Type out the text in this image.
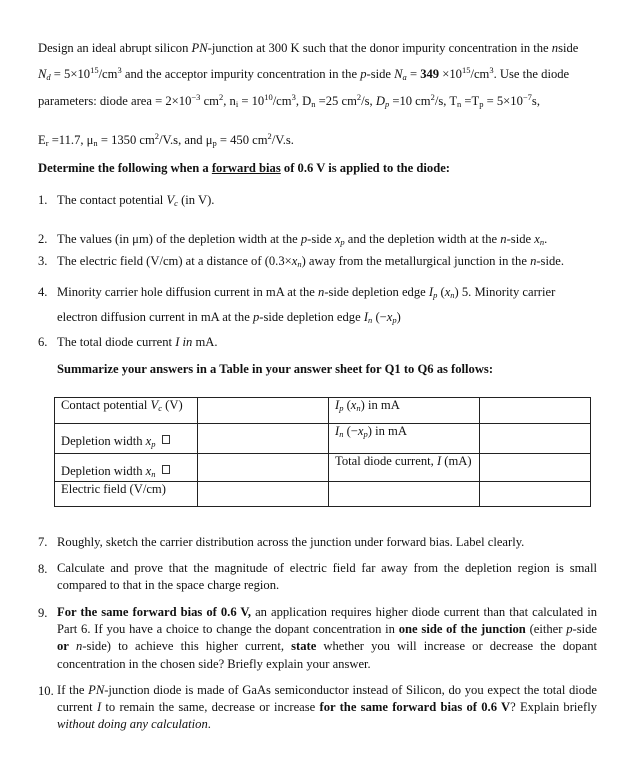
Design an ideal abrupt silicon PN-junction at 300 K such that the donor impurity concentration in the nside
$N_d = 5\times 10^{15}/cm^3$ and the acceptor impurity concentration in the p-side $N_a = 349 \times 10^{15}/cm^3$. Use the diode
parameters: diode area = $2\times 10^{-3}$ $cm^2$, $n_i = 10^{10}/cm^3$, $D_n =25$ $cm^2/s$, $D_p =10$ $cm^2/s$, $T_n =T_p = 5\times 10^{-7}s$,
$E_r =11.7$, $\mu_n = 1350$ $cm^2/V.s$, and $\mu_p = 450$ $cm^2/V.s$.
Determine the following when a forward bias of 0.6 V is applied to the diode:
1. The contact potential $V_c$ (in V).
2. The values (in μm) of the depletion width at the p-side $x_p$ and the depletion width at the n-side $x_n$.
3. The electric field (V/cm) at a distance of $(0.3\times x_n)$ away from the metallurgical junction in the n-side.
4. Minority carrier hole diffusion current in mA at the n-side depletion edge $I_p$ $(x_n)$ 5. Minority carrier
electron diffusion current in mA at the p-side depletion edge $I_n$ $(-x_p)$
6. The total diode current I in mA.
Summarize your answers in a Table in your answer sheet for Q1 to Q6 as follows:
Contact potential $V_c$ (V)		$I_p$ $(x_n)$ in mA	
Depletion width $x_p$		$I_n$ $(-x_p)$ in mA	
Depletion width $x_n$		Total diode current, I (mA)	
Electric field (V/cm)			
7. Roughly, sketch the carrier distribution across the junction under forward bias. Label clearly.
8. Calculate and prove that the magnitude of electric field far away from the depletion region is small compared to that in the space charge region.
9. For the same forward bias of 0.6 V, an application requires higher diode current than that calculated in Part 6. If you have a choice to change the dopant concentration in one side of the junction (either p-side or n-side) to achieve this higher current, state whether you will increase or decrease the dopant concentration in the chosen side? Briefly explain your answer.
10. If the PN-junction diode is made of GaAs semiconductor instead of Silicon, do you expect the total diode current I to remain the same, decrease or increase for the same forward bias of 0.6 V? Explain briefly without doing any calculation.
